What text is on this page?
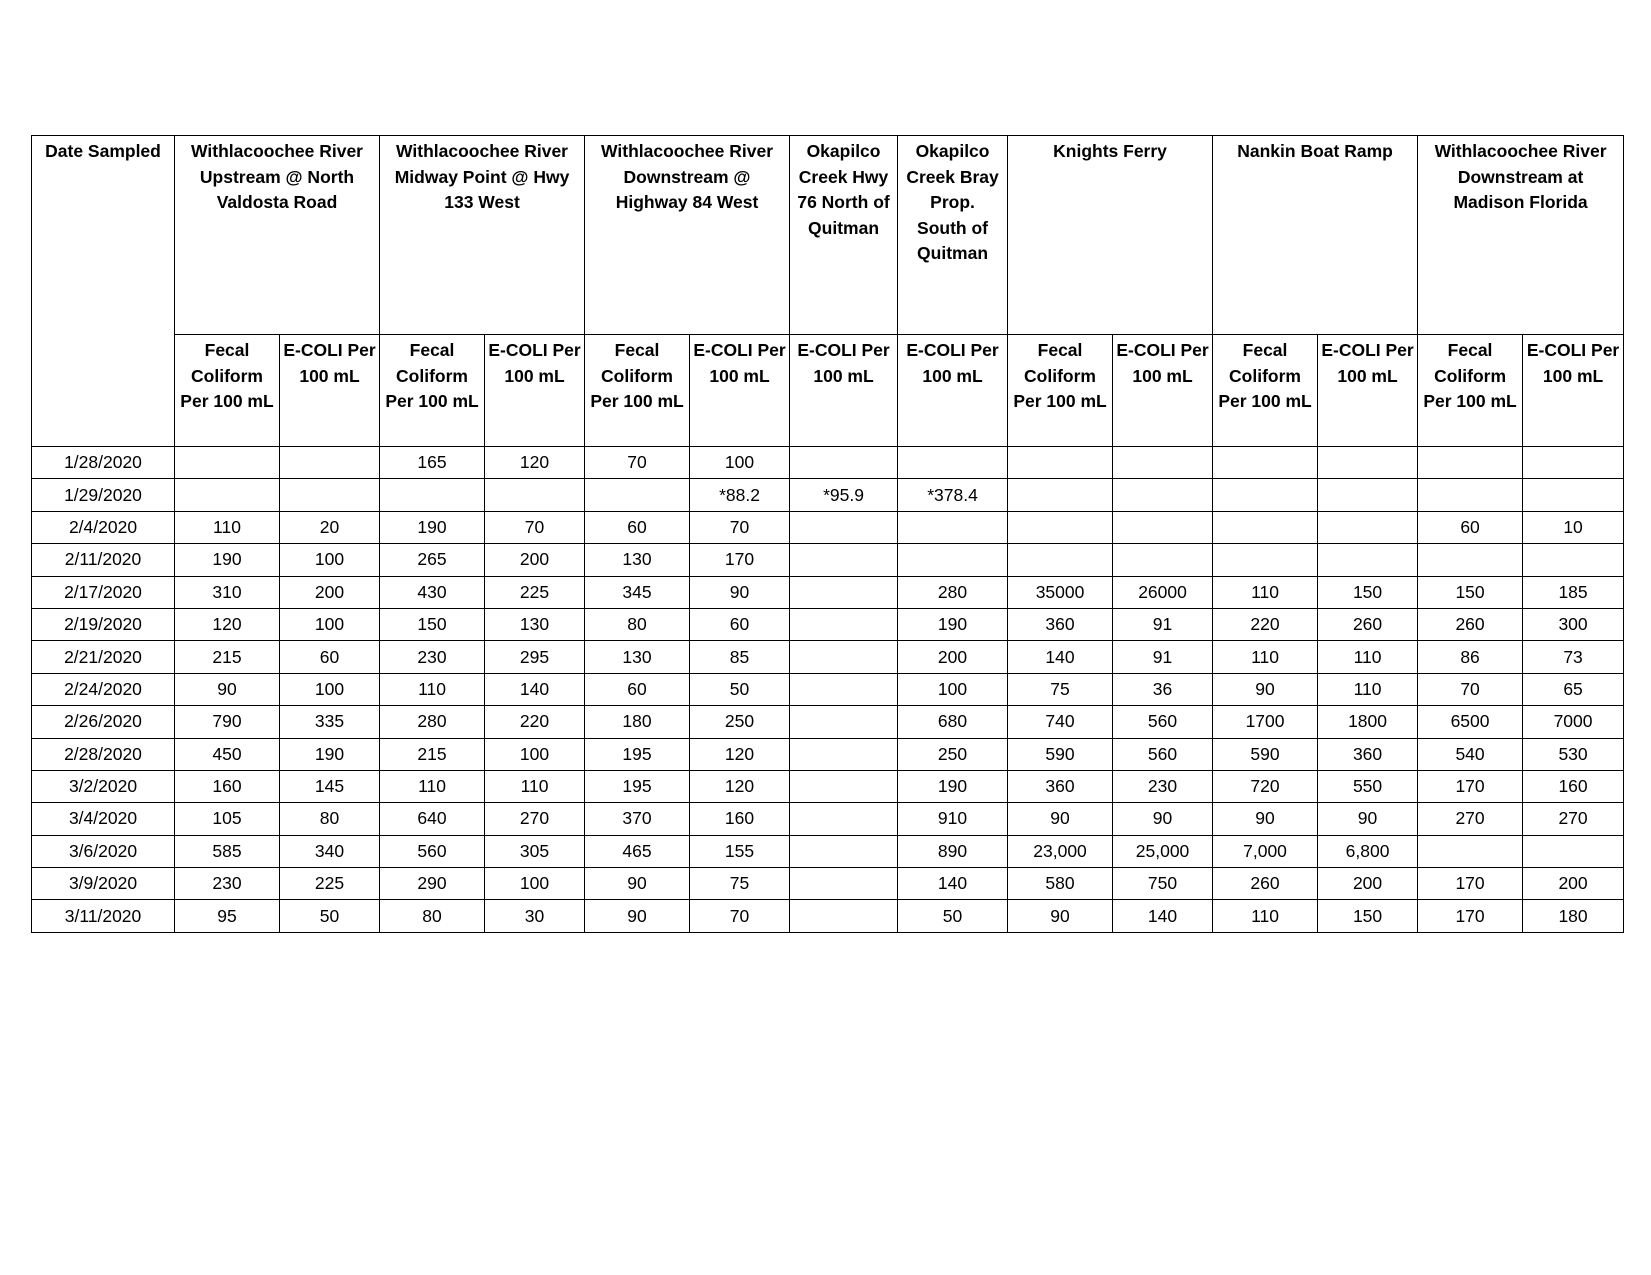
Date Sampled	Withlacoochee River Upstream @ North Valdosta Road		Withlacoochee River Midway Point @ Hwy 133 West		Withlacoochee River Downstream @ Highway 84 West		Okapilco Creek Hwy 76 North of Quitman	Okapilco Creek Bray Prop. South of Quitman	Knights Ferry		Nankin Boat Ramp		Withlacoochee River Downstream at Madison Florida	

	Fecal Coliform Per 100 mL	E-COLI Per 100 mL	Fecal Coliform Per 100 mL	E-COLI Per 100 mL	Fecal Coliform Per 100 mL	E-COLI Per 100 mL	E-COLI Per 100 mL	E-COLI Per 100 mL	Fecal Coliform Per 100 mL	E-COLI Per 100 mL	Fecal Coliform Per 100 mL	E-COLI Per 100 mL	Fecal Coliform Per 100 mL	E-COLI Per 100 mL
1/28/2020			165	120	70	100								
1/29/2020						*88.2	*95.9	*378.4						
2/4/2020	110	20	190	70	60	70							60	10
2/11/2020	190	100	265	200	130	170								
2/17/2020	310	200	430	225	345	90		280	35000	26000	110	150	150	185
2/19/2020	120	100	150	130	80	60		190	360	91	220	260	260	300
2/21/2020	215	60	230	295	130	85		200	140	91	110	110	86	73
2/24/2020	90	100	110	140	60	50		100	75	36	90	110	70	65
2/26/2020	790	335	280	220	180	250		680	740	560	1700	1800	6500	7000
2/28/2020	450	190	215	100	195	120		250	590	560	590	360	540	530
3/2/2020	160	145	110	110	195	120		190	360	230	720	550	170	160
3/4/2020	105	80	640	270	370	160		910	90	90	90	90	270	270
3/6/2020	585	340	560	305	465	155		890	23,000	25,000	7,000	6,800		
3/9/2020	230	225	290	100	90	75		140	580	750	260	200	170	200
3/11/2020	95	50	80	30	90	70		50	90	140	110	150	170	180
